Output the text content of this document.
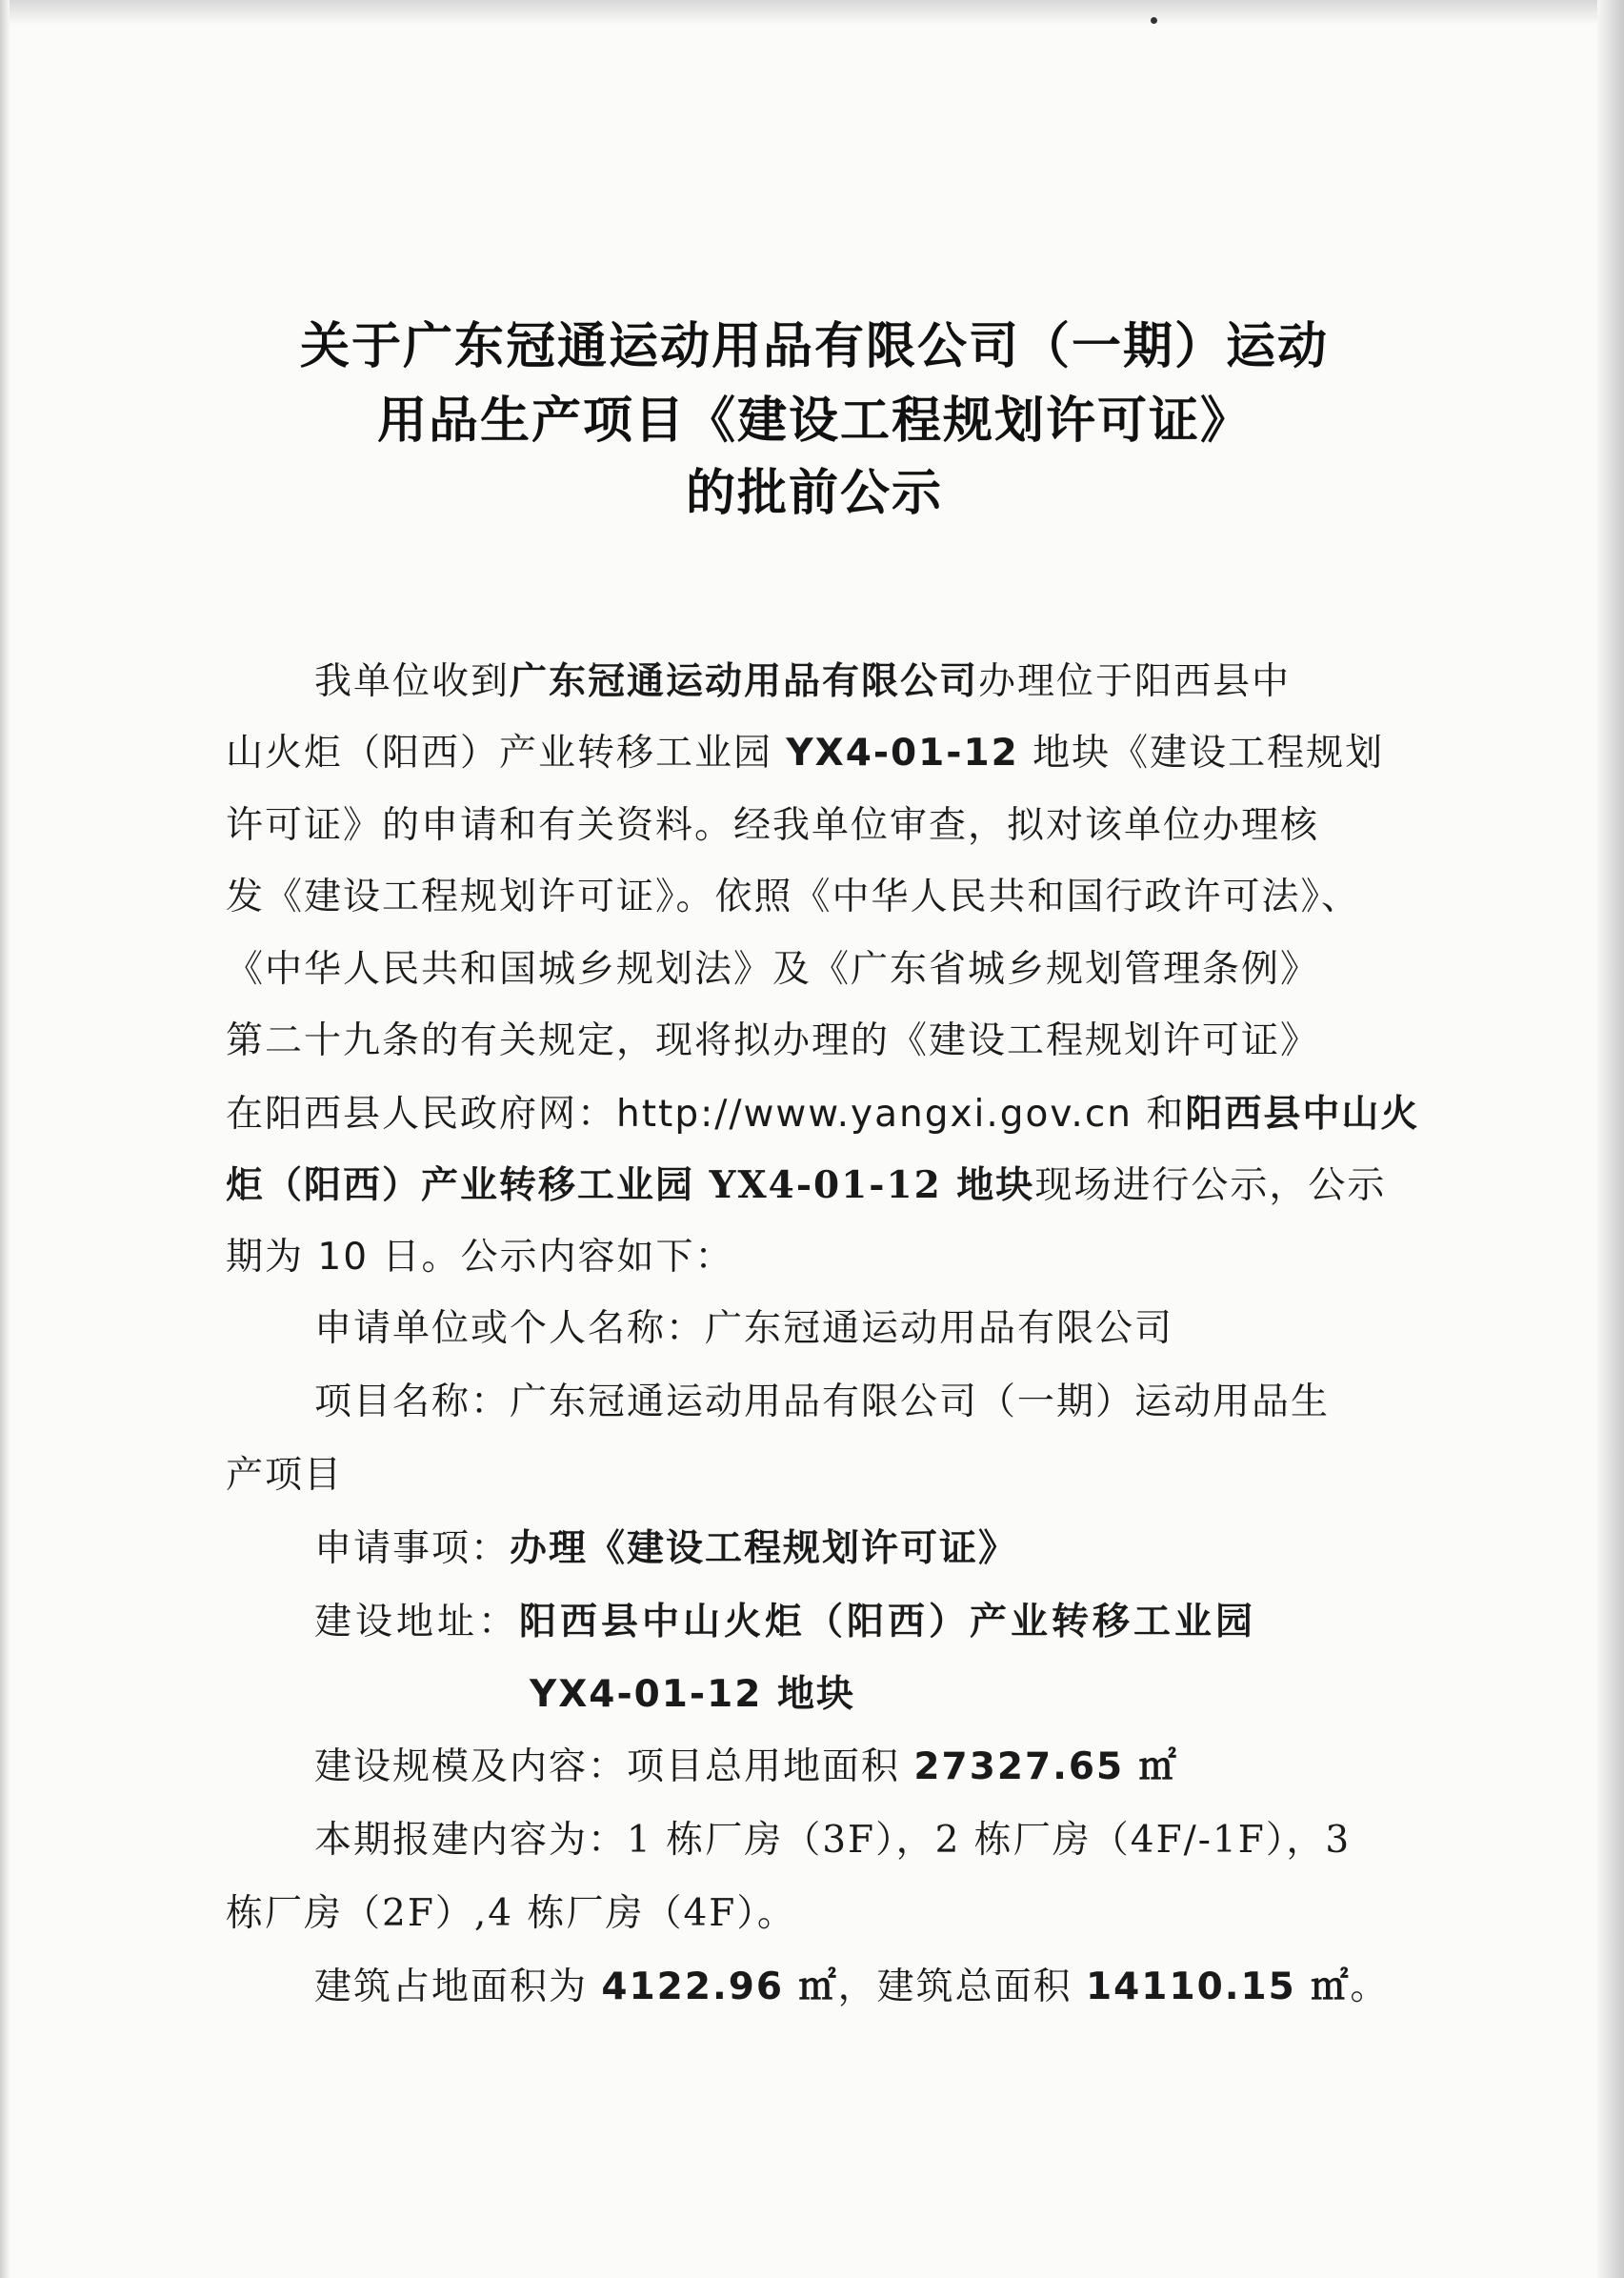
关于广东冠通运动用品有限公司（一期）运动
用品生产项目《建设工程规划许可证》
的批前公示
我单位收到广东冠通运动用品有限公司办理位于阳西县中
山火炬（阳西）产业转移工业园 YX4-01-12 地块《建设工程规划
许可证》的申请和有关资料。经我单位审查，拟对该单位办理核
发《建设工程规划许可证》。依照《中华人民共和国行政许可法》、
《中华人民共和国城乡规划法》及《广东省城乡规划管理条例》
第二十九条的有关规定，现将拟办理的《建设工程规划许可证》
在阳西县人民政府网：http://www.yangxi.gov.cn 和阳西县中山火
炬（阳西）产业转移工业园 YX4-01-12 地块现场进行公示，公示
期为 10 日。公示内容如下：
申请单位或个人名称：广东冠通运动用品有限公司
项目名称：广东冠通运动用品有限公司（一期）运动用品生
产项目
申请事项：办理《建设工程规划许可证》
建设地址：阳西县中山火炬（阳西）产业转移工业园
YX4-01-12 地块
建设规模及内容：项目总用地面积 27327.65 ㎡
本期报建内容为：1 栋厂房（3F），2 栋厂房（4F/-1F），3
栋厂房（2F）,4 栋厂房（4F）。
建筑占地面积为 4122.96 ㎡，建筑总面积 14110.15 ㎡。
